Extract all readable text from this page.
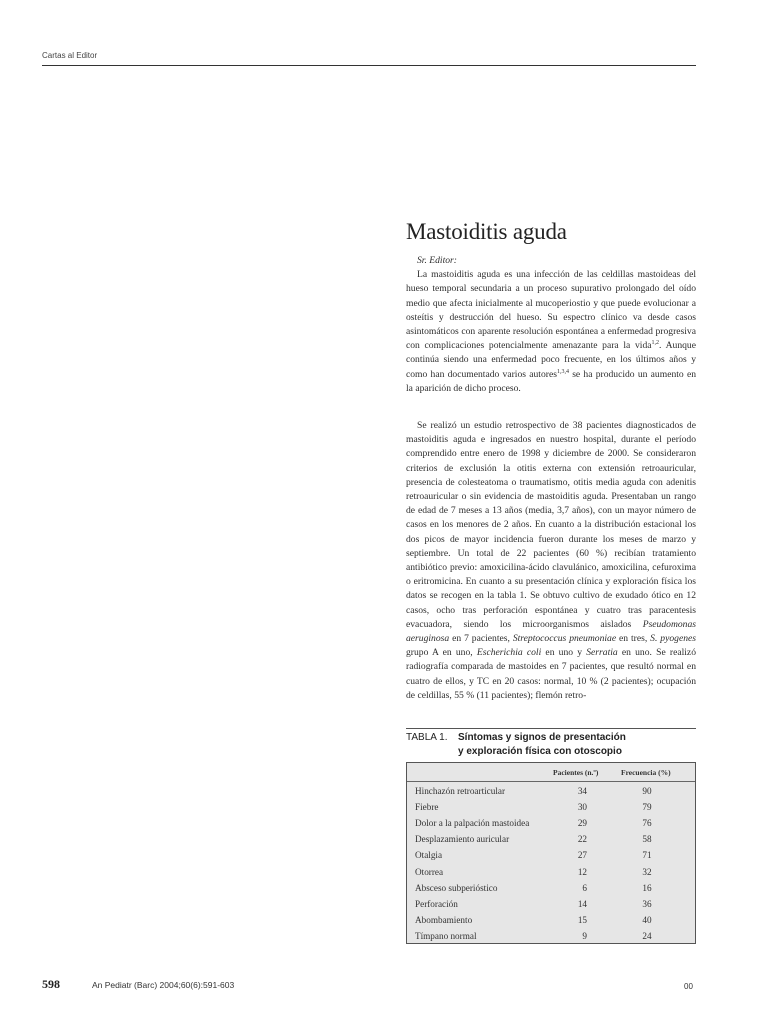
Cartas al Editor
Mastoiditis aguda

Sr. Editor:

La mastoiditis aguda es una infección de las celdillas mastoideas del hueso temporal secundaria a un proceso supurativo prolongado del oído medio que afecta inicialmente al mucoperiostio y que puede evolucionar a osteítis y destrucción del hueso. Su espectro clínico va desde casos asintomáticos con aparente resolución espontánea a enfermedad progresiva con complicaciones potencialmente amenazante para la vida$^{1,2}$. Aunque continúa siendo una enfermedad poco frecuente, en los últimos años y como han documentado varios autores$^{1,3,4}$ se ha producido un aumento en la aparición de dicho proceso.

Se realizó un estudio retrospectivo de 38 pacientes diagnosticados de mastoiditis aguda e ingresados en nuestro hospital, durante el período comprendido entre enero de 1998 y diciembre de 2000. Se consideraron criterios de exclusión la otitis externa con extensión retroauricular, presencia de colesteatoma o traumatismo, otitis media aguda con adenitis retroauricular o sin evidencia de mastoiditis aguda. Presentaban un rango de edad de 7 meses a 13 años (media, 3,7 años), con un mayor número de casos en los menores de 2 años. En cuanto a la distribución estacional los dos picos de mayor incidencia fueron durante los meses de marzo y septiembre. Un total de 22 pacientes (60 %) recibían tratamiento antibiótico previo: amoxicilina-ácido clavulánico, amoxicilina, cefuroxima o eritromicina. En cuanto a su presentación clínica y exploración física los datos se recogen en la tabla 1. Se obtuvo cultivo de exudado ótico en 12 casos, ocho tras perforación espontánea y cuatro tras paracentesis evacuadora, siendo los microorganismos aislados Pseudomonas aeruginosa en 7 pacientes, Streptococcus pneumoniae en tres, S. pyogenes grupo A en uno, Escherichia coli en uno y Serratia en uno. Se realizó radiografía comparada de mastoides en 7 pacientes, que resultó normal en cuatro de ellos, y TC en 20 casos: normal, 10 % (2 pacientes); ocupación de celdillas, 55 % (11 pacientes); flemón retro-

TABLA 1. Síntomas y signos de presentación
y exploración física con otoscopio
Pacientes (n.º)	Frecuencia (%)
Hinchazón retroarticular	34	90
Fiebre	30	79
Dolor a la palpación mastoidea	29	76
Desplazamiento auricular	22	58
Otalgia	27	71
Otorrea	12	32
Absceso subperióstico	6	16
Perforación	14	36
Abombamiento	15	40
Tímpano normal	9	24
598	An Pediatr (Barc) 2004;60(6):591-603	00
